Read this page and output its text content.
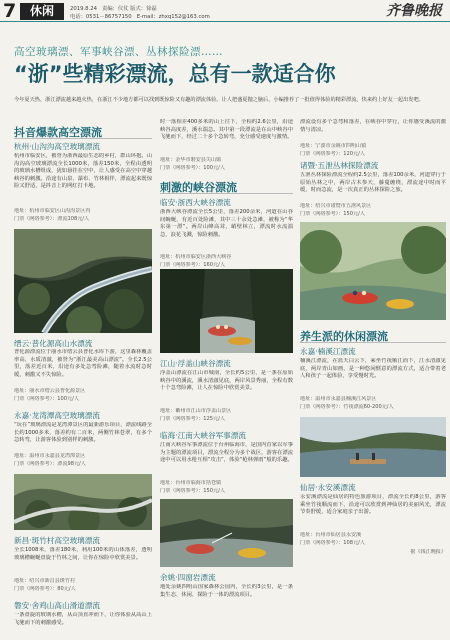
7	休闲	2019.8.24 责编：仪仗 版式：徐磊
电话：0531－86757150 E-mail：zhxq152@163.com	齐鲁晚报
高空玻璃漂、军事峡谷漂、丛林探险漂……
“浙”些精彩漂流，总有一款适合你
今年夏天热，浙江漂流越来越火热，在浙江不少地方都可以找到既惊险又有趣的漂流体验。让人把盛夏抛之脑后，小编推荐了一批值得体验的精彩漂流，快来约上好友一起出发吧。
抖音爆款高空漂流
杭州·山沟沟高空玻璃漂流
杭州市临安区，被誉为浙西最原生态的乡村，群山环抱。山沟沟高空玻璃漂流全长1000米，落差150米，全程由透明的玻璃水槽组成，犹如悬挂在空中，让人感受在高空中穿越峡谷的刺激。沿途有山泉、瀑布、竹林相伴，漂流起来既惊险又舒适，是抖音上的网红打卡地。
地址：杭州市临安区山沟沟景区内
门票（网络参考）：漂流108元/人
缙云·普化源高山水漂流
普化源漂流位于丽水市缙云县普化水库下游，这里森林覆盖率高，水质清澈，被誉为“浙江最美高山漂流”。全长2.5公里，落差近百米，沿途有多处急弯险滩，随着水流时急时缓，刺激又不失惊险。
地址：丽水市缙云县普化源景区
门票（网络参考）：100元/人
永嘉·龙湾潭高空玻璃漂流
“玩在”玻璃漂流是龙湾潭景区的最新游乐项目，漂流线路全长约1000多米，落差约有二百米，两侧竹林苍翠，有多个急转弯，让游客体验到别样的刺激。
地址：温州市永嘉县龙湾潭景区
门票（网络参考）：漂流98元/人
新昌·斑竹村高空玻璃漂流
全长1008米，落差180米，利用100米的山体落差，透明玻璃槽蜿蜒盘旋于竹林之间，让你在惊险中欣赏美景。
地址：绍兴市新昌县斑竹村
门票（网络参考）：80元/人
磐安·舍鸡山高山滑道漂流
一条盘旋的玻璃水槽，从山顶直冲而下，让你体验从高山上飞驰而下的刺激感受。
时一落相差400多米的山上往下，全程约2.6公里，沿途峡谷高度差，溪水湍急。其中第一段漂流是在山中峡谷中飞驰而下，经过二十多个急转弯，充分感受速度与激情。
地址：金华市磐安县尖山镇
门票（网络参考）：100元/人
刺激的峡谷漂流
临安·浙西大峡谷漂流
浙西大峡谷漂流全长5公里，落差200余米，河道在山谷间蜿蜒，有近百处险滩，其中三十余处急滩，被称为“华东第一漂”。两岸山峰高耸，峭壁林立，漂流时水流湍急，浪花飞溅，惊险刺激。
地址：杭州市临安区浙西大峡谷
门票（网络参考）：160元/人
江山·浮盖山峡谷漂流
浮盖山漂流在江山市城南，全长约5公里，是一条在原始峡谷中的溪流，溪水清澈见底，两岸风景秀丽，全程有数十个急弯险滩，让人在惊险中欣赏美景。
地址：衢州市江山市浮盖山景区
门票（网络参考）：125元/人
临海·江南大峡谷军事漂流
江南大峡谷军事漂流位于台州临海市，是国内首家以军事为主题的漂流项目，漂流全程分为多个战区，游客在漂流途中可以用水枪互相“攻击”，体验“枪林弹雨”般的乐趣。
地址：台州市临海市括苍镇
门票（网络参考）：150元/人
余姚·四窗岩漂流
地处余姚四明山国家森林公园内，全长约3公里，是一条集生态、休闲、探险于一体的漂流项目。
漂流设有多个急弯和落差，在峡谷中穿行，让你感受溪流的激情与清凉。
地址：宁波市余姚市四明山镇
门票（网络参考）：120元/人
诸暨·五泄丛林探险漂流
五泄丛林探险漂流全程约2.5公里，落差100余米，河道穿行于原始丛林之中，两岸古木参天，藤蔓缠绕，漂流途中时而平缓，时而急流，是一次真正的丛林探险之旅。
地址：绍兴市诸暨市五泄风景区
门票（网络参考）：150元/人
养生派的休闲漂流
永嘉·楠溪江漂流
楠溪江漂流，在蓝天白云下，乘坐竹筏顺江而下，江水清澈见底，两岸青山如画，是一种悠闲惬意的漂流方式，适合带着老人和孩子一起体验，享受慢时光。
地址：温州市永嘉县楠溪江风景区
门票（网络参考）：竹筏漂流60-200元/人
仙居·永安溪漂流
永安溪漂流是仙居的特色旅游项目，漂流全长约8公里，游客乘坐竹筏顺流而下，沿途可以欣赏到神仙居的美丽风光，漂流节奏舒缓，适合家庭亲子出游。
地址：台州市仙居县永安溪
门票（网络参考）：108元/人
据《钱江晚报》
